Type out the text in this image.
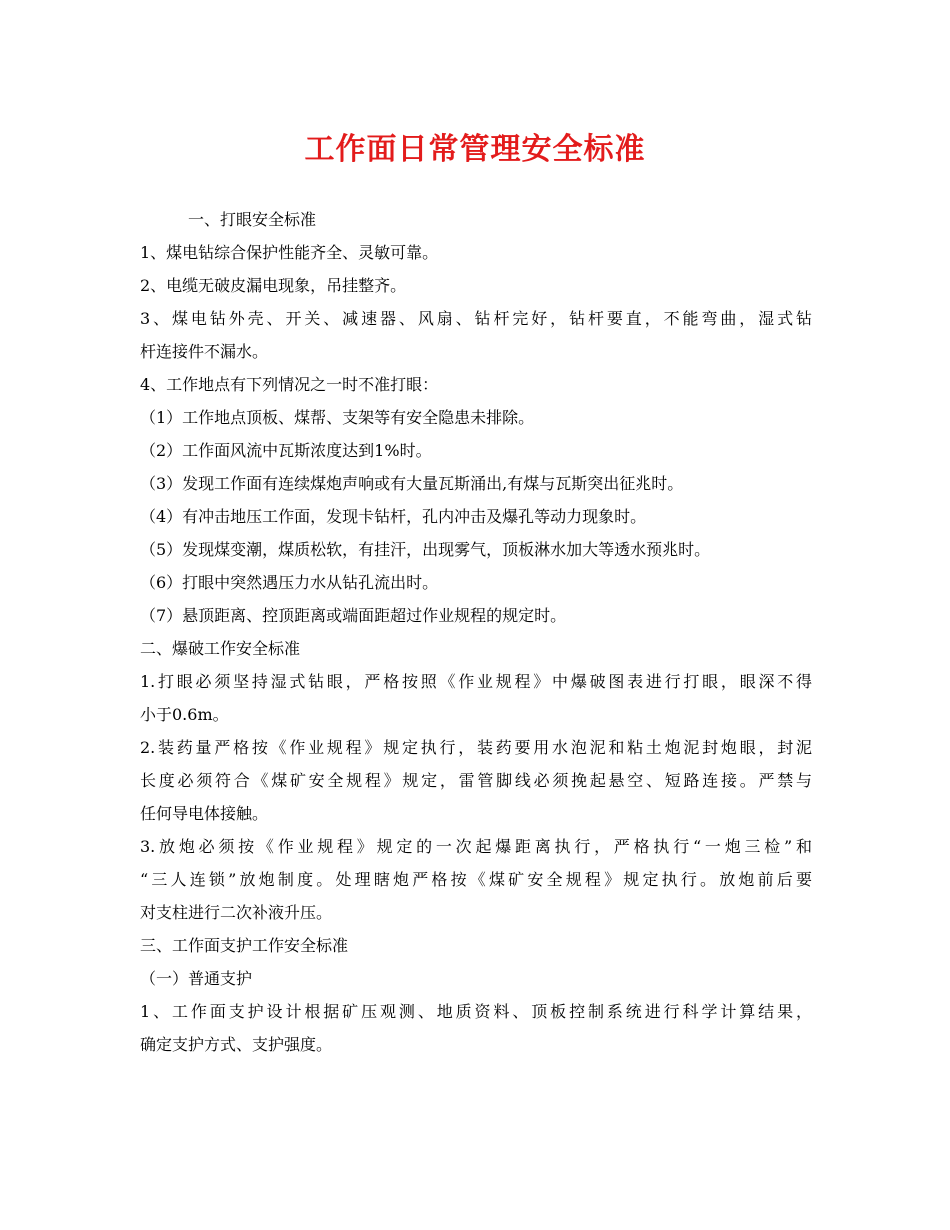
工作面日常管理安全标准
一、打眼安全标准
1、煤电钻综合保护性能齐全、灵敏可靠。
2、电缆无破皮漏电现象，吊挂整齐。
3、煤电钻外壳、开关、减速器、风扇、钻杆完好，钻杆要直，不能弯曲，湿式钻
杆连接件不漏水。
4、工作地点有下列情况之一时不准打眼：
（1）工作地点顶板、煤帮、支架等有安全隐患未排除。
（2）工作面风流中瓦斯浓度达到1%时。
（3）发现工作面有连续煤炮声响或有大量瓦斯涌出,有煤与瓦斯突出征兆时。
（4）有冲击地压工作面，发现卡钻杆，孔内冲击及爆孔等动力现象时。
（5）发现煤变潮，煤质松软，有挂汗，出现雾气，顶板淋水加大等透水预兆时。
（6）打眼中突然遇压力水从钻孔流出时。
（7）悬顶距离、控顶距离或端面距超过作业规程的规定时。
二、爆破工作安全标准
1.打眼必须坚持湿式钻眼，严格按照《作业规程》中爆破图表进行打眼，眼深不得
小于0.6m。
2.装药量严格按《作业规程》规定执行，装药要用水泡泥和粘土炮泥封炮眼，封泥
长度必须符合《煤矿安全规程》规定，雷管脚线必须挽起悬空、短路连接。严禁与
任何导电体接触。
3.放炮必须按《作业规程》规定的一次起爆距离执行，严格执行“一炮三检”和
“三人连锁”放炮制度。处理瞎炮严格按《煤矿安全规程》规定执行。放炮前后要
对支柱进行二次补液升压。
三、工作面支护工作安全标准
（一）普通支护
1、工作面支护设计根据矿压观测、地质资料、顶板控制系统进行科学计算结果，
确定支护方式、支护强度。
